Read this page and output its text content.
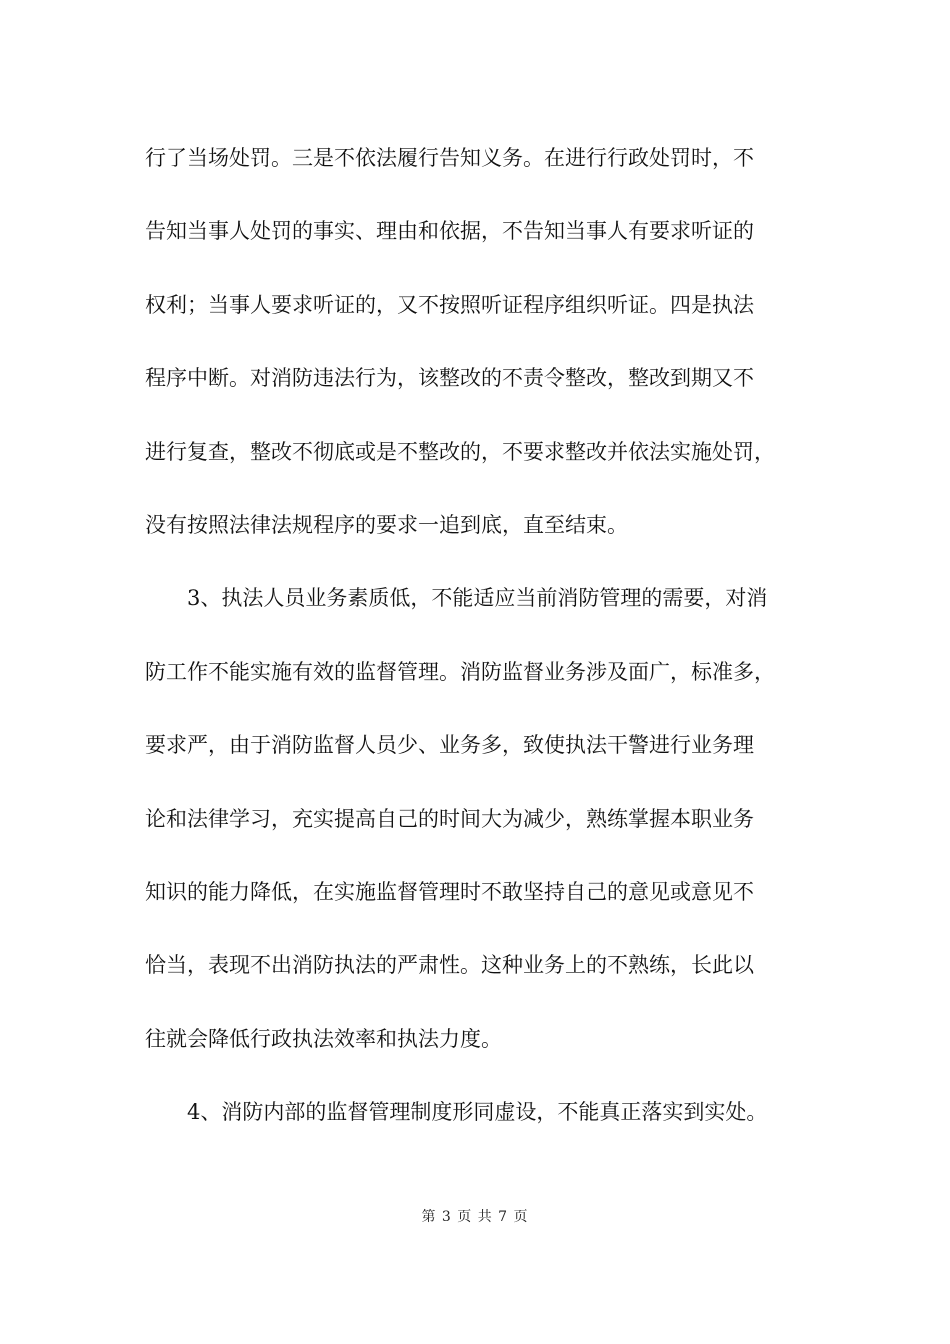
行了当场处罚。三是不依法履行告知义务。在进行行政处罚时，不
告知当事人处罚的事实、理由和依据，不告知当事人有要求听证的
权利；当事人要求听证的，又不按照听证程序组织听证。四是执法
程序中断。对消防违法行为，该整改的不责令整改，整改到期又不
进行复查，整改不彻底或是不整改的，不要求整改并依法实施处罚，
没有按照法律法规程序的要求一追到底，直至结束。
3、执法人员业务素质低，不能适应当前消防管理的需要，对消
防工作不能实施有效的监督管理。消防监督业务涉及面广，标准多，
要求严，由于消防监督人员少、业务多，致使执法干警进行业务理
论和法律学习，充实提高自己的时间大为减少，熟练掌握本职业务
知识的能力降低，在实施监督管理时不敢坚持自己的意见或意见不
恰当，表现不出消防执法的严肃性。这种业务上的不熟练，长此以
往就会降低行政执法效率和执法力度。
4、消防内部的监督管理制度形同虚设，不能真正落实到实处。
第 3 页 共 7 页
